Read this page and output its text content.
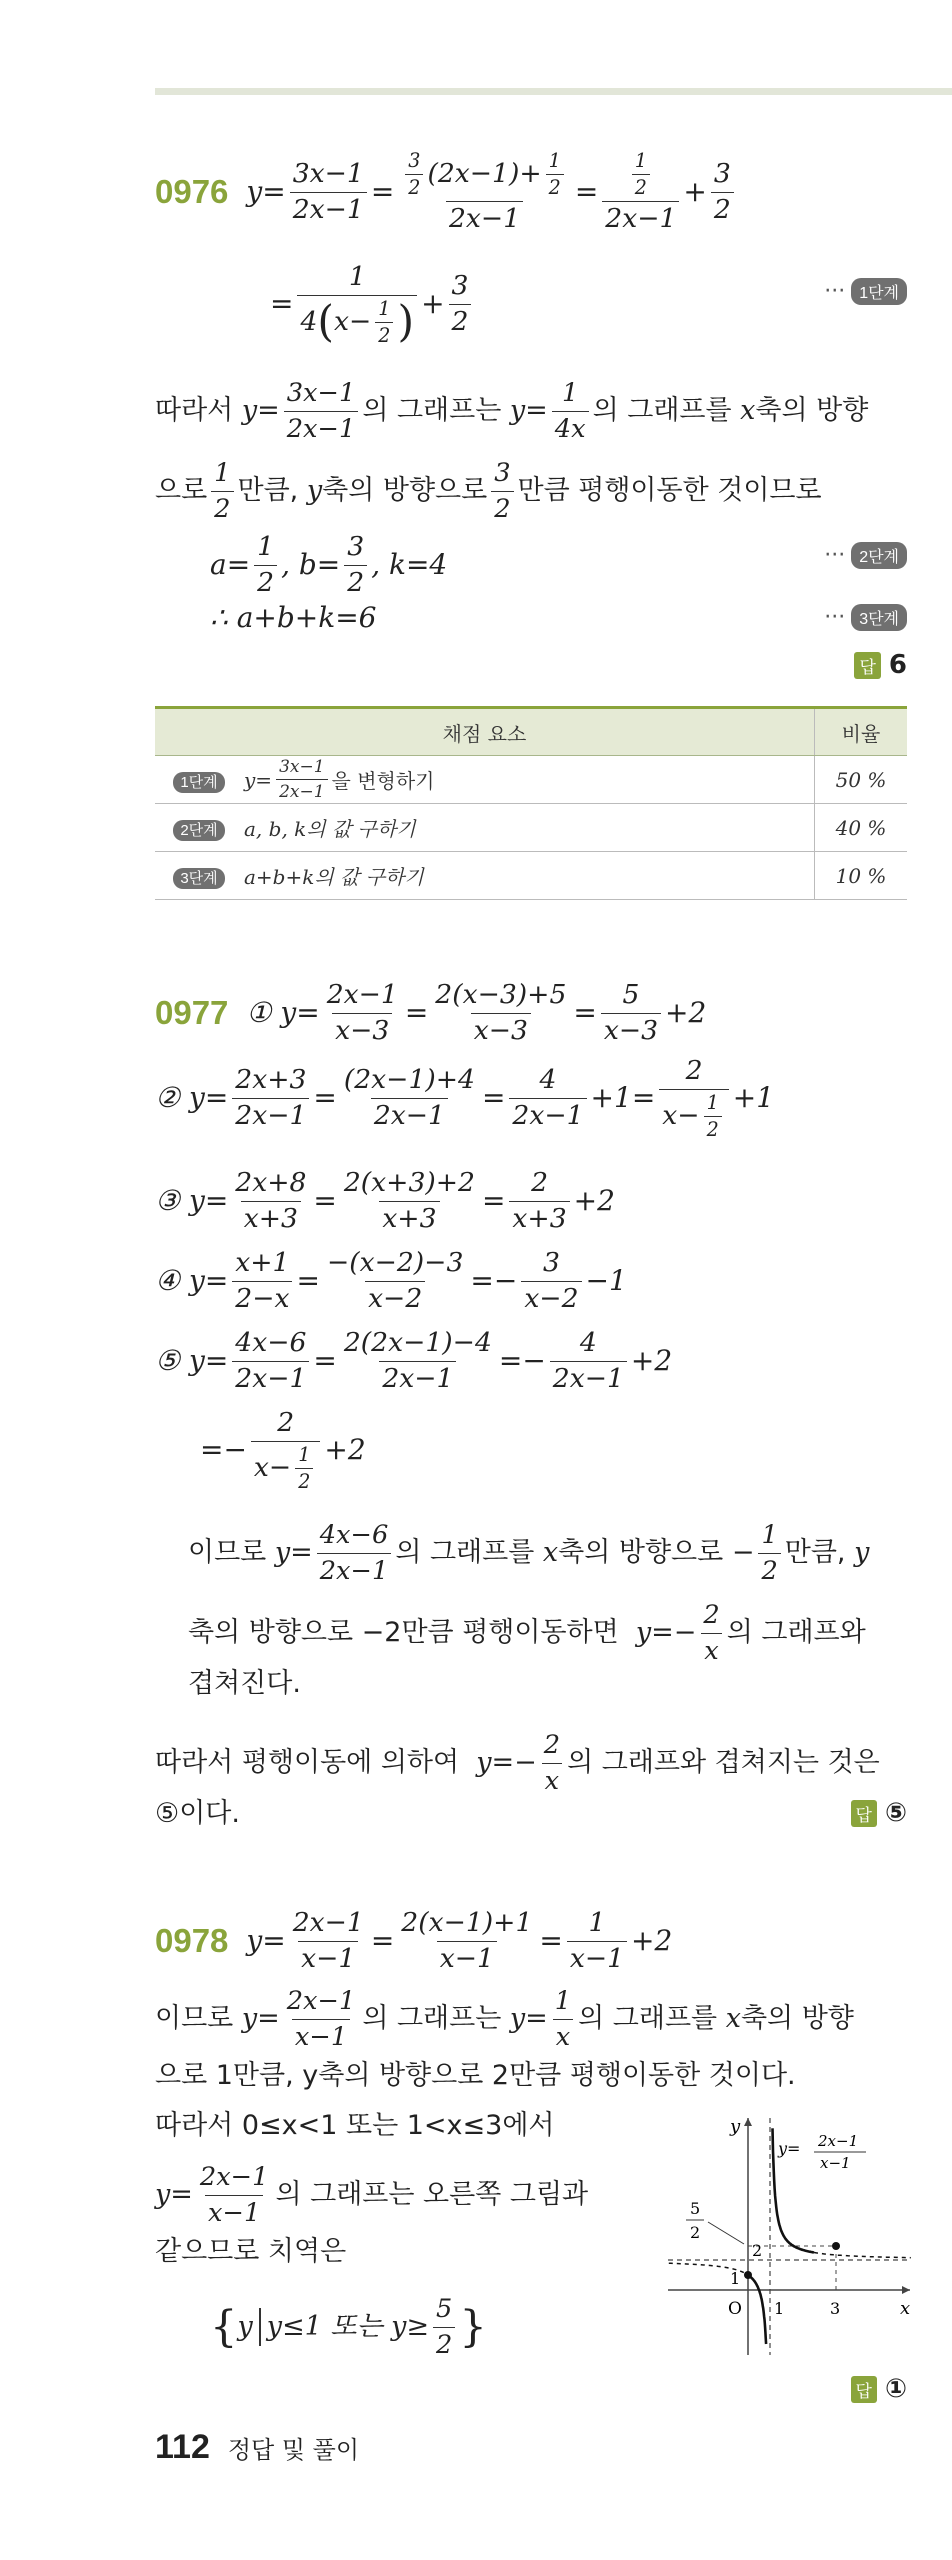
0976 $y= \frac{3x-1}{2x-1} = \frac{\frac{3}{2} (2x-1)+ \frac{1}{2}}{2x-1} = \frac{\frac{1}{2}}{2x-1} + \frac{3}{2}$
= $\frac{1}{4 ( x- \frac{1}{2} )} + \frac{3}{2}$	··· 1단계
따라서
$y= \frac{3x-1}{2x-1}$ 의 그래프는
$y= \frac{1}{4x}$ 의 그래프를
x 축의 방향
으로 $\frac{1}{2}$ 만큼,
y 축의 방향으로 $\frac{3}{2}$ 만큼 평행이동한 것이므로
$a= \frac{1}{2}$ , $b= \frac{3}{2}$ , k=4	··· 2단계
∴ a+b+k=6	··· 3단계
답 6
채점 요소		비율
1단계	$y= \frac{3x-1}{2x-1}$ 을 변형하기	50 %
2단계	a, b, k의 값 구하기	40 %
3단계	a+b+k의 값 구하기	10 %
0977 ① $y= \frac{2x-1}{x-3} = \frac{2(x-3)+5}{x-3} = \frac{5}{x-3} +2$
② $y= \frac{2x+3}{2x-1} = \frac{(2x-1)+4}{2x-1} = \frac{4}{2x-1} +1= \frac{2}{x- \frac{1}{2}} +1$
③ $y= \frac{2x+8}{x+3} = \frac{2(x+3)+2}{x+3} = \frac{2}{x+3} +2$
④ $y= \frac{x+1}{2-x} = \frac{-(x-2)-3}{x-2} =- \frac{3}{x-2} -1$
⑤ $y= \frac{4x-6}{2x-1} = \frac{2(2x-1)-4}{2x-1} =- \frac{4}{2x-1} +2$
=− $\frac{2}{x- \frac{1}{2}} +2$
이므로
$y= \frac{4x-6}{2x-1}$ 의 그래프를
x 축의 방향으로
− $\frac{1}{2}$ 만큼,
y
축의 방향으로 −2만큼 평행이동하면
$y=- \frac{2}{x}$ 의 그래프와
겹쳐진다.
따라서 평행이동에 의하여
$y=- \frac{2}{x}$ 의 그래프와 겹쳐지는 것은
⑤이다.	답 ⑤
0978 $y= \frac{2x-1}{x-1} = \frac{2(x-1)+1}{x-1} = \frac{1}{x-1} +2$
이므로
$y= \frac{2x-1}{x-1}$ 의 그래프는
$y= \frac{1}{x}$ 의 그래프를
x 축의 방향
으로 1만큼, y축의 방향으로 2만큼 평행이동한 것이다.
따라서 0≤x<1 또는 1<x≤3에서
$y= \frac{2x-1}{x-1}$ 의 그래프는 오른쪽 그림과
같으므로 치역은
{ y y≤1 또는 $y\ge \frac{5}{2}$ }
y
x
O 1	3
1
2
5
2
y= 2x−1
x−1
답 ①
112 정답 및 풀이
